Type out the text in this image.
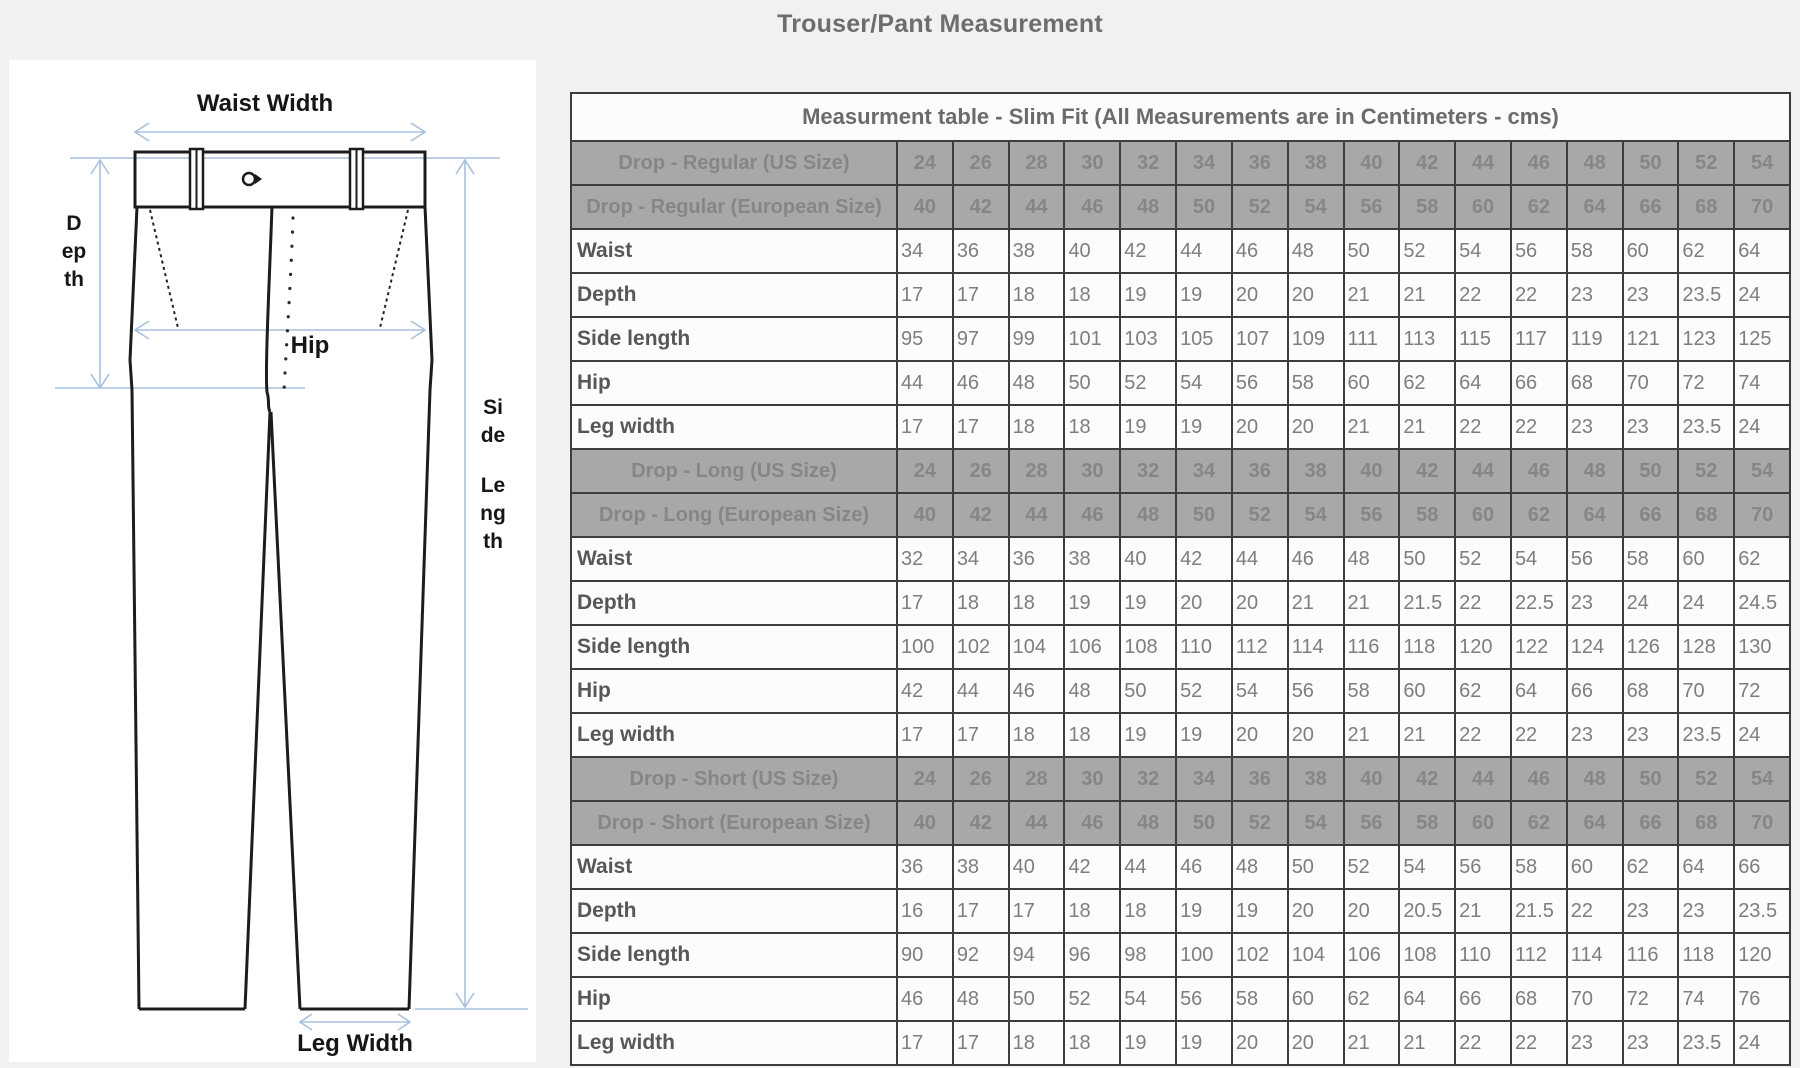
Trouser/Pant Measurement
Waist Width
Depth
Hip
Side
Length
Leg Width
Measurment table - Slim Fit (All Measurements are in Centimeters - cms)																
Drop - Regular (US Size)	24	26	28	30	32	34	36	38	40	42	44	46	48	50	52	54
Drop - Regular (European Size)	40	42	44	46	48	50	52	54	56	58	60	62	64	66	68	70
Waist	34	36	38	40	42	44	46	48	50	52	54	56	58	60	62	64
Depth	17	17	18	18	19	19	20	20	21	21	22	22	23	23	23.5	24
Side length	95	97	99	101	103	105	107	109	111	113	115	117	119	121	123	125
Hip	44	46	48	50	52	54	56	58	60	62	64	66	68	70	72	74
Leg width	17	17	18	18	19	19	20	20	21	21	22	22	23	23	23.5	24
Drop - Long (US Size)	24	26	28	30	32	34	36	38	40	42	44	46	48	50	52	54
Drop - Long (European Size)	40	42	44	46	48	50	52	54	56	58	60	62	64	66	68	70
Waist	32	34	36	38	40	42	44	46	48	50	52	54	56	58	60	62
Depth	17	18	18	19	19	20	20	21	21	21.5	22	22.5	23	24	24	24.5
Side length	100	102	104	106	108	110	112	114	116	118	120	122	124	126	128	130
Hip	42	44	46	48	50	52	54	56	58	60	62	64	66	68	70	72
Leg width	17	17	18	18	19	19	20	20	21	21	22	22	23	23	23.5	24
Drop - Short (US Size)	24	26	28	30	32	34	36	38	40	42	44	46	48	50	52	54
Drop - Short (European Size)	40	42	44	46	48	50	52	54	56	58	60	62	64	66	68	70
Waist	36	38	40	42	44	46	48	50	52	54	56	58	60	62	64	66
Depth	16	17	17	18	18	19	19	20	20	20.5	21	21.5	22	23	23	23.5
Side length	90	92	94	96	98	100	102	104	106	108	110	112	114	116	118	120
Hip	46	48	50	52	54	56	58	60	62	64	66	68	70	72	74	76
Leg width	17	17	18	18	19	19	20	20	21	21	22	22	23	23	23.5	24
